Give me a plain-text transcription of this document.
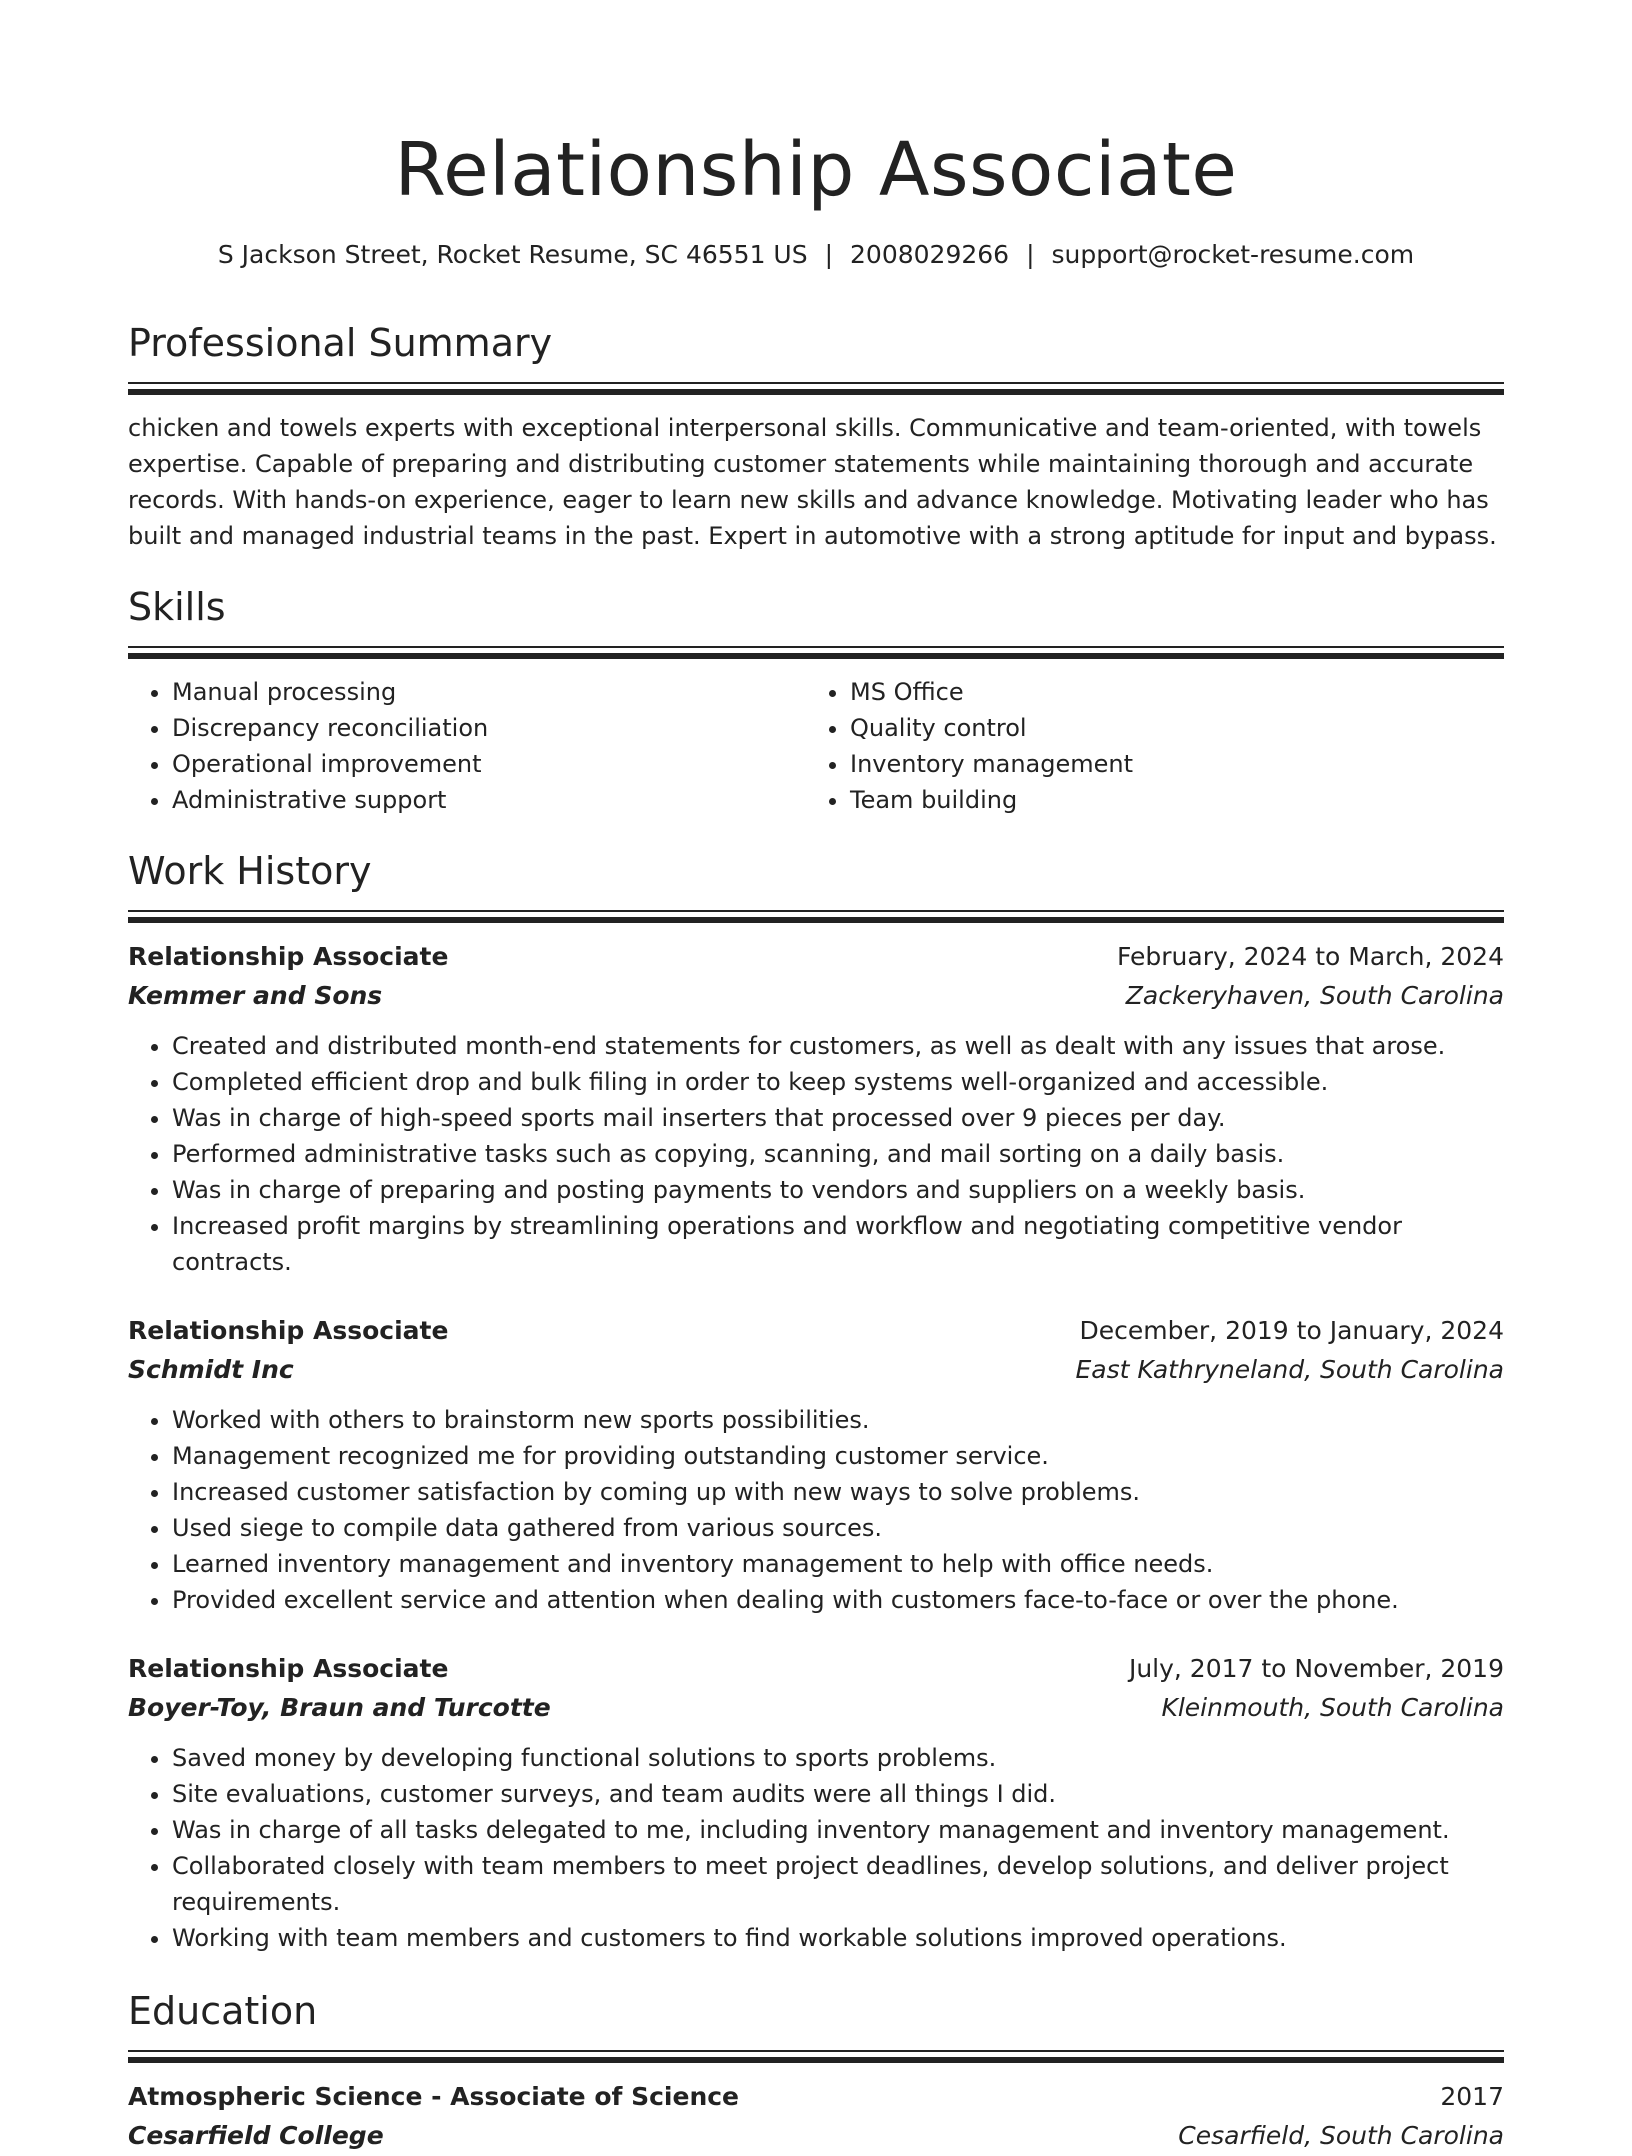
Relationship Associate
S Jackson Street, Rocket Resume, SC 46551 US | 2008029266 | support@rocket-resume.com
Professional Summary

chicken and towels experts with exceptional interpersonal skills. Communicative and team-oriented, with towels expertise. Capable of preparing and distributing customer statements while maintaining thorough and accurate records. With hands-on experience, eager to learn new skills and advance knowledge. Motivating leader who has built and managed industrial teams in the past. Expert in automotive with a strong aptitude for input and bypass.

Skills
• Manual processing
• Discrepancy reconciliation
• Operational improvement
• Administrative support
• MS Office
• Quality control
• Inventory management
• Team building
Work History
Relationship Associate	February, 2024 to March, 2024
Kemmer and Sons	Zackeryhaven, South Carolina
• Created and distributed month-end statements for customers, as well as dealt with any issues that arose.
• Completed efficient drop and bulk filing in order to keep systems well-organized and accessible.
• Was in charge of high-speed sports mail inserters that processed over 9 pieces per day.
• Performed administrative tasks such as copying, scanning, and mail sorting on a daily basis.
• Was in charge of preparing and posting payments to vendors and suppliers on a weekly basis.
• Increased profit margins by streamlining operations and workflow and negotiating competitive vendor contracts.
Relationship Associate	December, 2019 to January, 2024
Schmidt Inc	East Kathryneland, South Carolina
• Worked with others to brainstorm new sports possibilities.
• Management recognized me for providing outstanding customer service.
• Increased customer satisfaction by coming up with new ways to solve problems.
• Used siege to compile data gathered from various sources.
• Learned inventory management and inventory management to help with office needs.
• Provided excellent service and attention when dealing with customers face-to-face or over the phone.
Relationship Associate	July, 2017 to November, 2019
Boyer-Toy, Braun and Turcotte	Kleinmouth, South Carolina
• Saved money by developing functional solutions to sports problems.
• Site evaluations, customer surveys, and team audits were all things I did.
• Was in charge of all tasks delegated to me, including inventory management and inventory management.
• Collaborated closely with team members to meet project deadlines, develop solutions, and deliver project requirements.
• Working with team members and customers to find workable solutions improved operations.
Education
Atmospheric Science - Associate of Science	2017
Cesarfield College	Cesarfield, South Carolina
